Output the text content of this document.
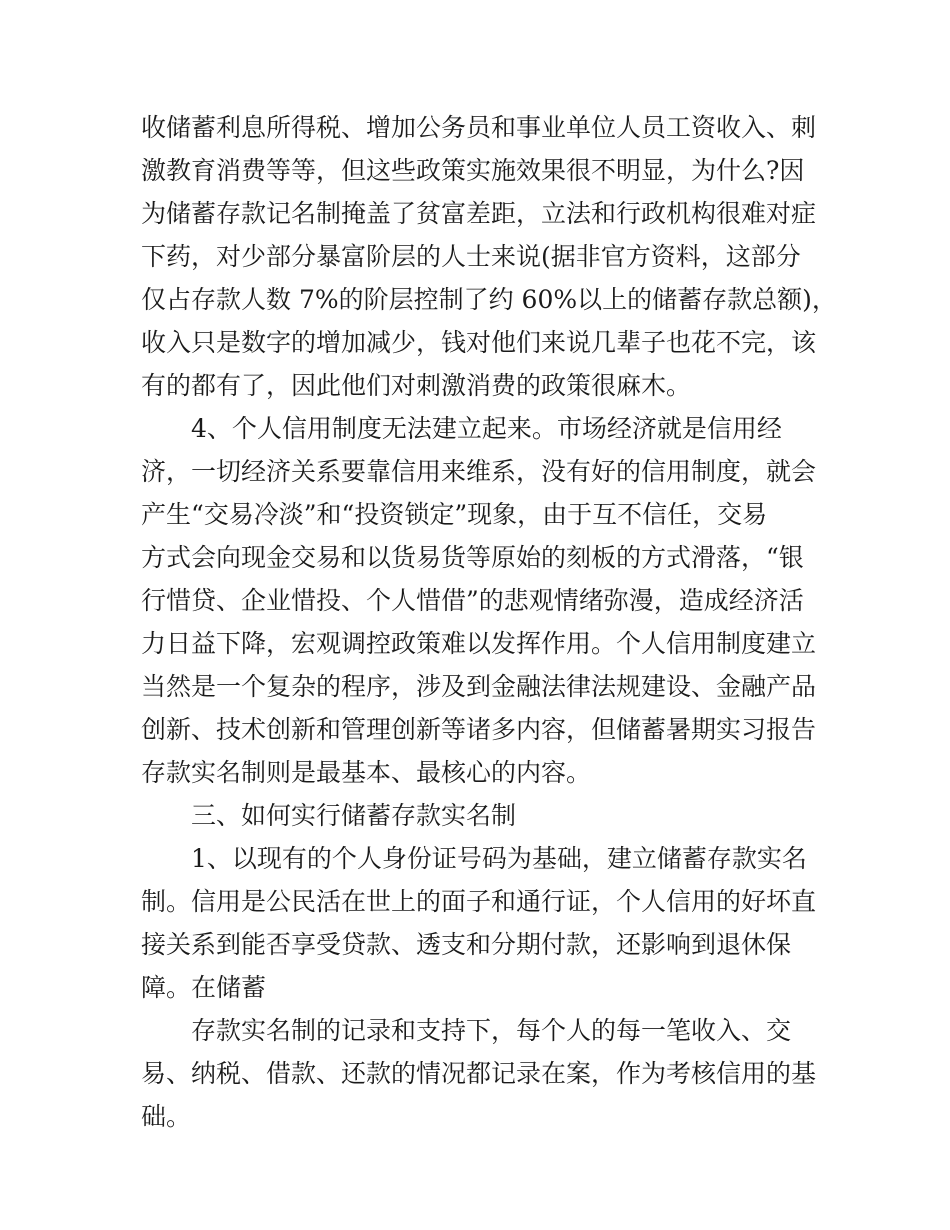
收储蓄利息所得税、增加公务员和事业单位人员工资收入、刺
激教育消费等等，但这些政策实施效果很不明显，为什么?因
为储蓄存款记名制掩盖了贫富差距，立法和行政机构很难对症
下药，对少部分暴富阶层的人士来说(据非官方资料，这部分
仅占存款人数 7%的阶层控制了约 60%以上的储蓄存款总额)，
收入只是数字的增加减少，钱对他们来说几辈子也花不完，该
有的都有了，因此他们对刺激消费的政策很麻木。
4、个人信用制度无法建立起来。市场经济就是信用经
济，一切经济关系要靠信用来维系，没有好的信用制度，就会
产生“交易冷淡”和“投资锁定”现象，由于互不信任，交易
方式会向现金交易和以货易货等原始的刻板的方式滑落，“银
行惜贷、企业惜投、个人惜借”的悲观情绪弥漫，造成经济活
力日益下降，宏观调控政策难以发挥作用。个人信用制度建立
当然是一个复杂的程序，涉及到金融法律法规建设、金融产品
创新、技术创新和管理创新等诸多内容，但储蓄暑期实习报告
存款实名制则是最基本、最核心的内容。
三、如何实行储蓄存款实名制
1、以现有的个人身份证号码为基础，建立储蓄存款实名
制。信用是公民活在世上的面子和通行证，个人信用的好坏直
接关系到能否享受贷款、透支和分期付款，还影响到退休保
障。在储蓄
存款实名制的记录和支持下，每个人的每一笔收入、交
易、纳税、借款、还款的情况都记录在案，作为考核信用的基
础。
